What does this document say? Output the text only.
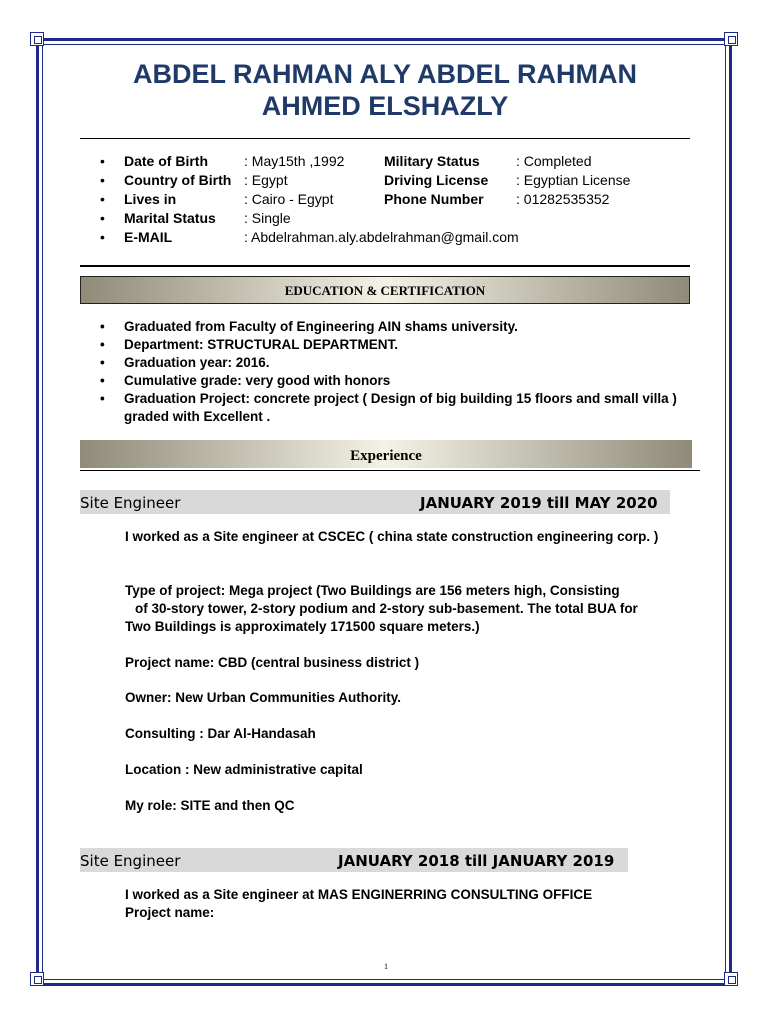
ABDEL RAHMAN ALY ABDEL RAHMAN
AHMED ELSHAZLY
• Date of Birth	: May15th ,1992	Military Status	: Completed
• Country of Birth : Egypt	Driving License : Egyptian License
• Lives in	: Cairo - Egypt	Phone Number : 01282535352
• Marital Status : Single
• E-MAIL	: Abdelrahman.aly.abdelrahman@gmail.com
EDUCATION & CERTIFICATION
• Graduated from Faculty of Engineering AIN shams university.
• Department: STRUCTURAL DEPARTMENT.
• Graduation year: 2016.
• Cumulative grade: very good with honors
• Graduation Project: concrete project ( Design of big building 15 floors and small villa ) graded with Excellent .
Experience
Site Engineer	JANUARY 2019 till MAY 2020
I worked as a Site engineer at CSCEC ( china state construction engineering corp. )
Type of project: Mega project (Two Buildings are 156 meters high, Consisting
of 30-story tower, 2-story podium and 2-story sub-basement. The total BUA for
Two Buildings is approximately 171500 square meters.)
Project name: CBD (central business district )
Owner: New Urban Communities Authority.
Consulting : Dar Al-Handasah
Location : New administrative capital
My role: SITE and then QC
Site Engineer	JANUARY 2018 till JANUARY 2019
I worked as a Site engineer at MAS ENGINERRING CONSULTING OFFICE
Project name:
1
